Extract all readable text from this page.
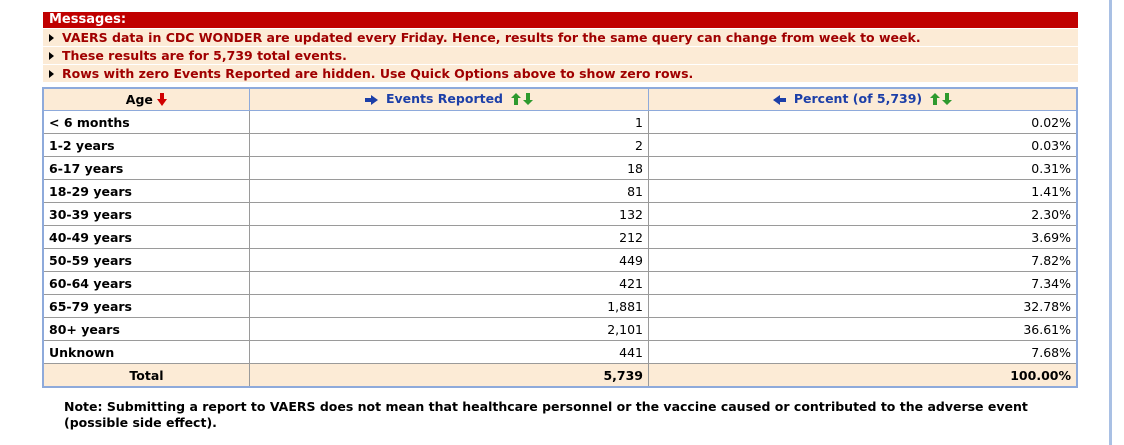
Messages:
VAERS data in CDC WONDER are updated every Friday. Hence, results for the same query can change from week to week.
These results are for 5,739 total events.
Rows with zero Events Reported are hidden. Use Quick Options above to show zero rows.
Age	Events Reported	Percent (of 5,739)
< 6 months	1	0.02%
1-2 years	2	0.03%
6-17 years	18	0.31%
18-29 years	81	1.41%
30-39 years	132	2.30%
40-49 years	212	3.69%
50-59 years	449	7.82%
60-64 years	421	7.34%
65-79 years	1,881	32.78%
80+ years	2,101	36.61%
Unknown	441	7.68%
Total	5,739	100.00%
Note: Submitting a report to VAERS does not mean that healthcare personnel or the vaccine caused or contributed to the adverse event (possible side effect).
